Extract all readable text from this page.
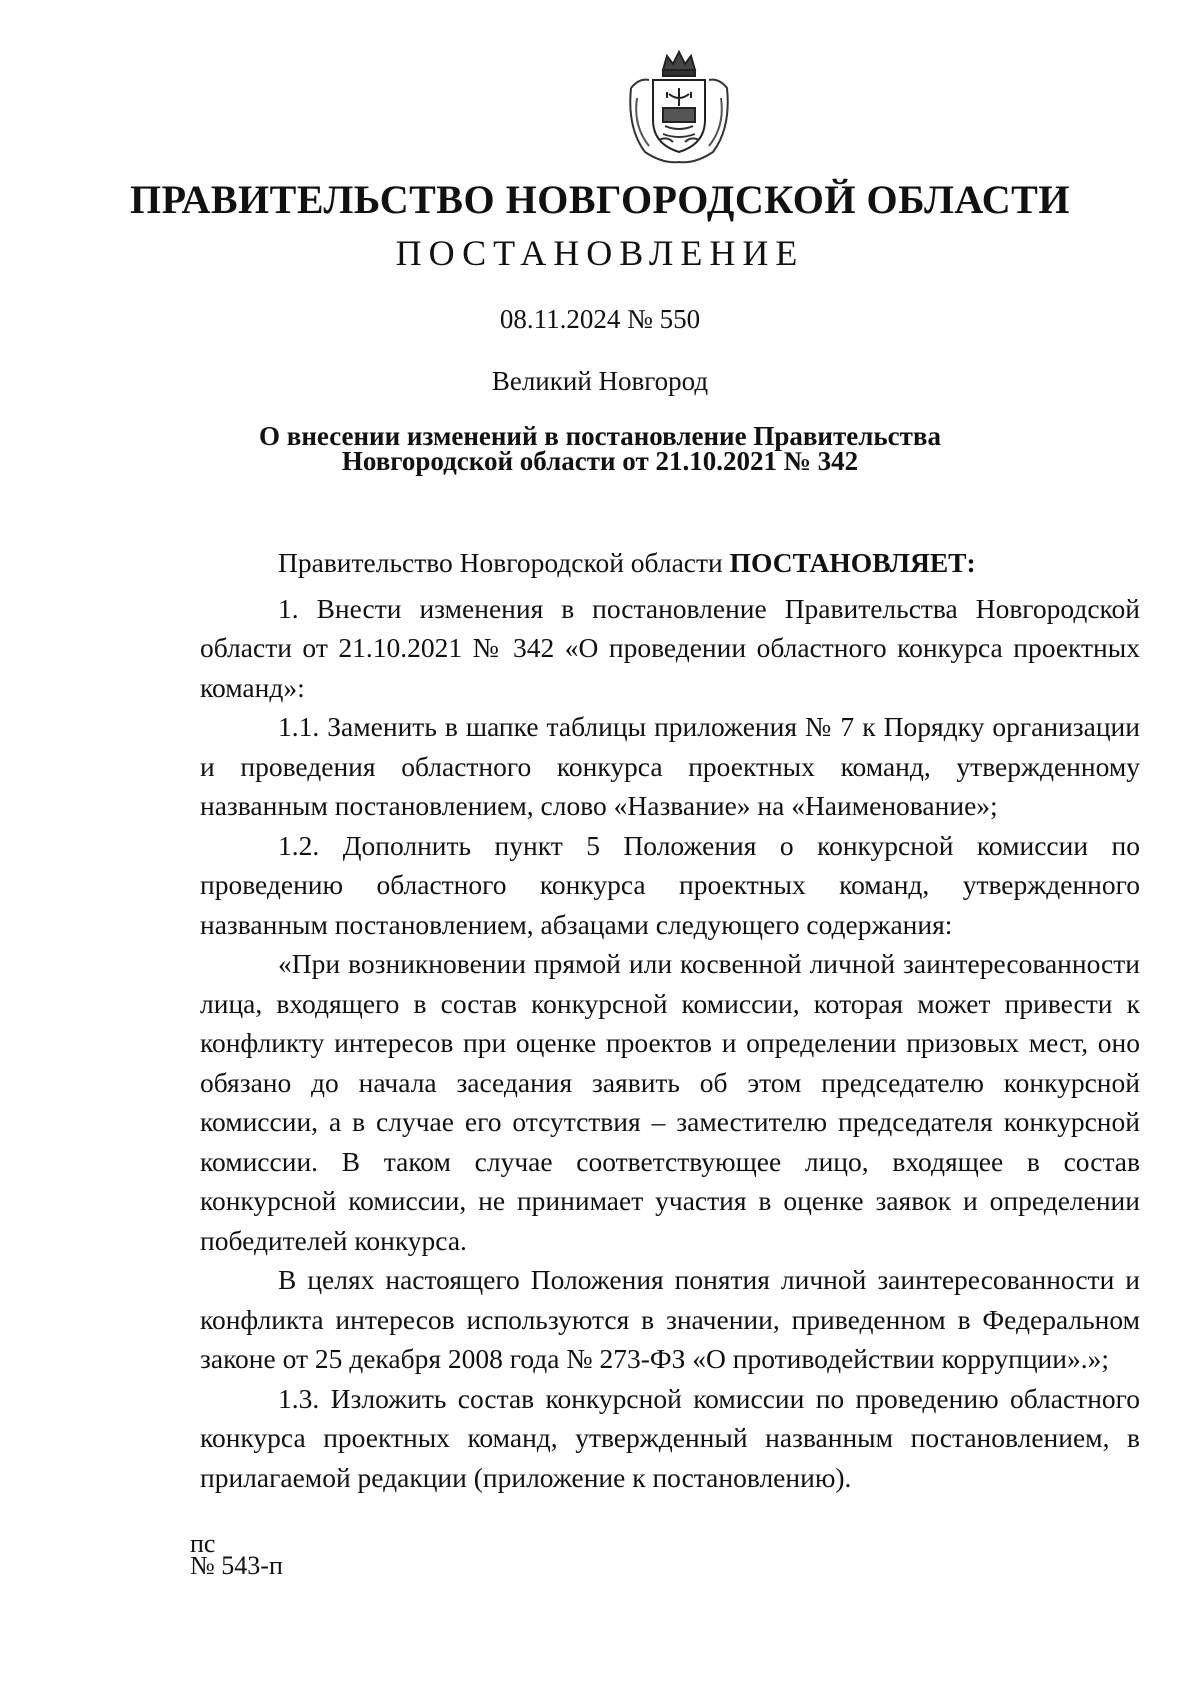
ПРАВИТЕЛЬСТВО НОВГОРОДСКОЙ ОБЛАСТИ
ПОСТАНОВЛЕНИЕ
08.11.2024 № 550
Великий Новгород
О внесении изменений в постановление Правительства
Новгородской области от 21.10.2021 № 342

Правительство Новгородской области ПОСТАНОВЛЯЕТ:

1. Внести изменения в постановление Правительства Новгородской области от 21.10.2021 № 342 «О проведении областного конкурса проектных команд»:

1.1. Заменить в шапке таблицы приложения № 7 к Порядку организации и проведения областного конкурса проектных команд, утвержденному названным постановлением, слово «Название» на «Наименование»;

1.2. Дополнить пункт 5 Положения о конкурсной комиссии по проведению областного конкурса проектных команд, утвержденного названным постановлением, абзацами следующего содержания:

«При возникновении прямой или косвенной личной заинтересованности лица, входящего в состав конкурсной комиссии, которая может привести к конфликту интересов при оценке проектов и определении призовых мест, оно обязано до начала заседания заявить об этом председателю конкурсной комиссии, а в случае его отсутствия – заместителю председателя конкурсной комиссии. В таком случае соответствующее лицо, входящее в состав конкурсной комиссии, не принимает участия в оценке заявок и определении победителей конкурса.

В целях настоящего Положения понятия личной заинтересованности и конфликта интересов используются в значении, приведенном в Федеральном законе от 25 декабря 2008 года № 273-ФЗ «О противодействии коррупции».»;

1.3. Изложить состав конкурсной комиссии по проведению областного конкурса проектных команд, утвержденный названным постановлением, в прилагаемой редакции (приложение к постановлению).

пс
№ 543-п
